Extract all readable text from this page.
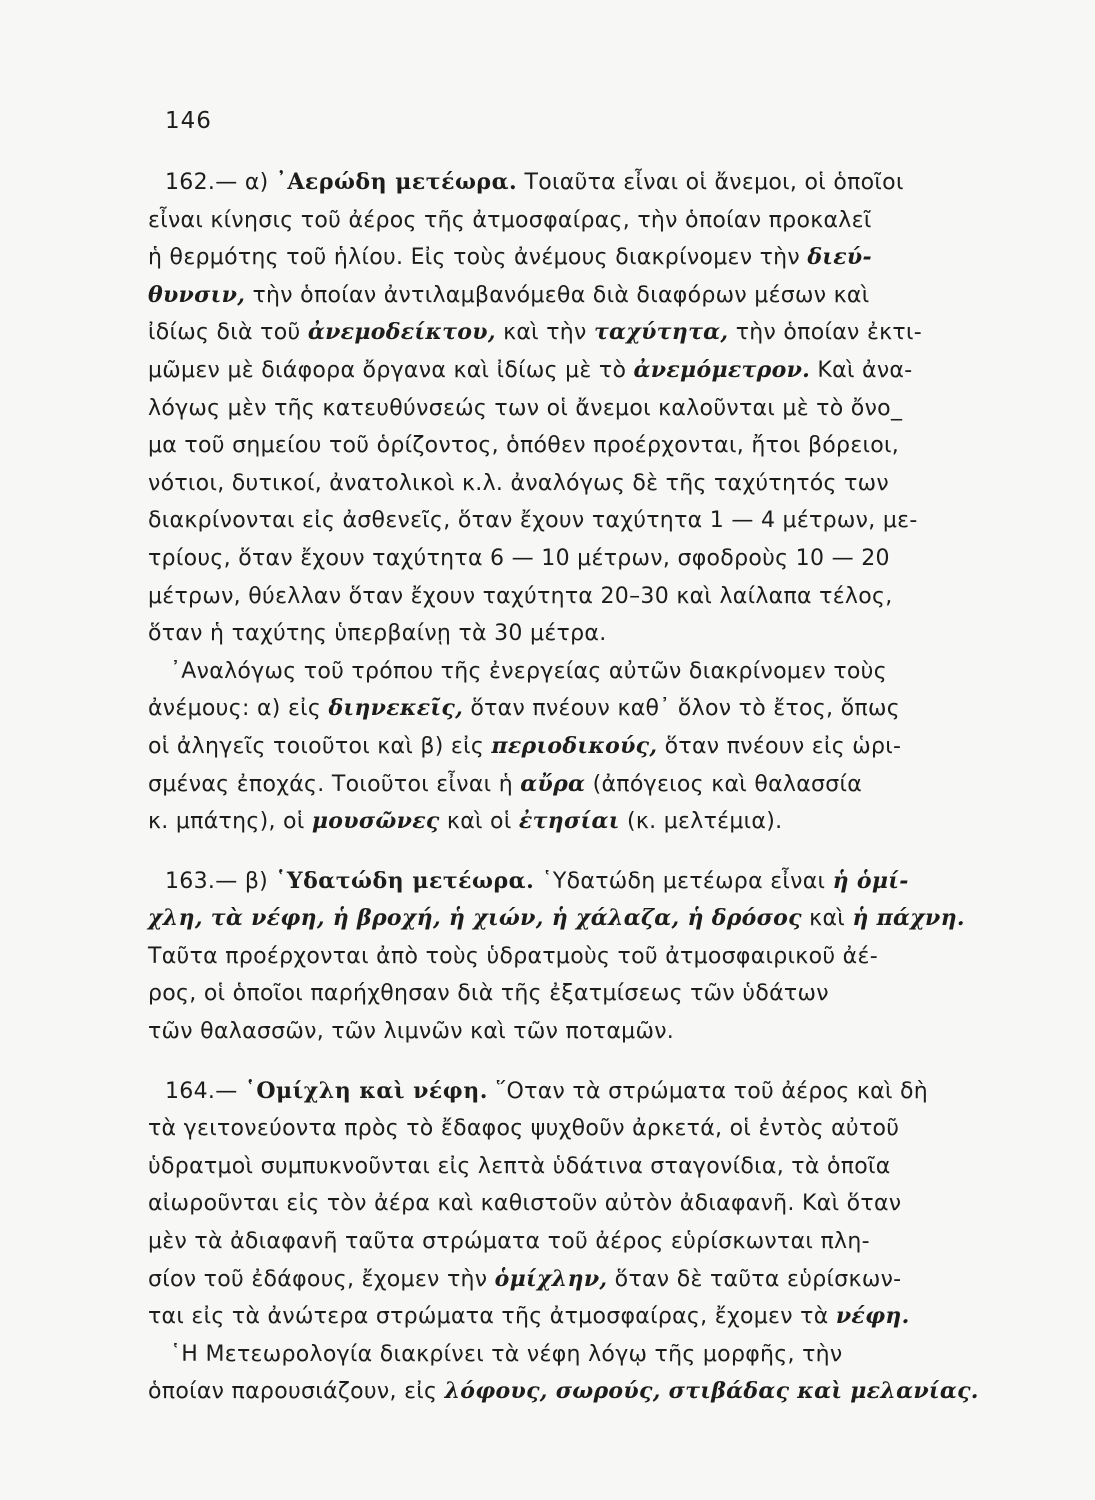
146
162.— α) ᾿Αερώδη μετέωρα. Τοιαῦτα εἶναι οἱ ἄνεμοι, οἱ ὁποῖοι
εἶναι κίνησις τοῦ ἀέρος τῆς ἀτμοσφαίρας, τὴν ὁποίαν προκαλεῖ
ἡ θερμότης τοῦ ἡλίου. Εἰς τοὺς ἀνέμους διακρίνομεν τὴν διεύ-
θυνσιν, τὴν ὁποίαν ἀντιλαμβανόμεθα διὰ διαφόρων μέσων καὶ
ἰδίως διὰ τοῦ ἀνεμοδείκτου, καὶ τὴν ταχύτητα, τὴν ὁποίαν ἐκτι-
μῶμεν μὲ διάφορα ὄργανα καὶ ἰδίως μὲ τὸ ἀνεμόμετρον. Καὶ ἀνα-
λόγως μὲν τῆς κατευθύνσεώς των οἱ ἄνεμοι καλοῦνται μὲ τὸ ὄνο_
μα τοῦ σημείου τοῦ ὁρίζοντος, ὁπόθεν προέρχονται, ἤτοι βόρειοι,
νότιοι, δυτικοί, ἀνατολικοὶ κ.λ. ἀναλόγως δὲ τῆς ταχύτητός των
διακρίνονται εἰς ἀσθενεῖς, ὅταν ἔχουν ταχύτητα 1 — 4 μέτρων, με-
τρίους, ὅταν ἔχουν ταχύτητα 6 — 10 μέτρων, σφοδροὺς 10 — 20
μέτρων, θύελλαν ὅταν ἔχουν ταχύτητα 20–30 καὶ λαίλαπα τέλος,
ὅταν ἡ ταχύτης ὑπερβαίνῃ τὰ 30 μέτρα.
᾿Αναλόγως τοῦ τρόπου τῆς ἐνεργείας αὐτῶν διακρίνομεν τοὺς
ἀνέμους: α) εἰς διηνεκεῖς, ὅταν πνέουν καθ᾿ ὅλον τὸ ἔτος, ὅπως
οἱ ἀληγεῖς τοιοῦτοι καὶ β) εἰς περιοδικούς, ὅταν πνέουν εἰς ὡρι-
σμένας ἐποχάς. Τοιοῦτοι εἶναι ἡ αὔρα (ἀπόγειος καὶ θαλασσία
κ. μπάτης), οἱ μουσῶνες καὶ οἱ ἐτησίαι (κ. μελτέμια).
163.— β) ῾Υδατώδη μετέωρα. ῾Υδατώδη μετέωρα εἶναι ἡ ὁμί-
χλη, τὰ νέφη, ἡ βροχή, ἡ χιών, ἡ χάλαζα, ἡ δρόσος καὶ ἡ πάχνη.
Ταῦτα προέρχονται ἀπὸ τοὺς ὑδρατμοὺς τοῦ ἀτμοσφαιρικοῦ ἀέ-
ρος, οἱ ὁποῖοι παρήχθησαν διὰ τῆς ἐξατμίσεως τῶν ὑδάτων
τῶν θαλασσῶν, τῶν λιμνῶν καὶ τῶν ποταμῶν.
164.— ῾Ομίχλη καὶ νέφη. ῞Οταν τὰ στρώματα τοῦ ἀέρος καὶ δὴ
τὰ γειτονεύοντα πρὸς τὸ ἔδαφος ψυχθοῦν ἀρκετά, οἱ ἐντὸς αὐτοῦ
ὑδρατμοὶ συμπυκνοῦνται εἰς λεπτὰ ὑδάτινα σταγονίδια, τὰ ὁποῖα
αἰωροῦνται εἰς τὸν ἀέρα καὶ καθιστοῦν αὐτὸν ἀδιαφανῆ. Καὶ ὅταν
μὲν τὰ ἀδιαφανῆ ταῦτα στρώματα τοῦ ἀέρος εὑρίσκωνται πλη-
σίον τοῦ ἐδάφους, ἔχομεν τὴν ὁμίχλην, ὅταν δὲ ταῦτα εὑρίσκων-
ται εἰς τὰ ἀνώτερα στρώματα τῆς ἀτμοσφαίρας, ἔχομεν τὰ νέφη.
῾Η Μετεωρολογία διακρίνει τὰ νέφη λόγῳ τῆς μορφῆς, τὴν
ὁποίαν παρουσιάζουν, εἰς λόφους, σωρούς, στιβάδας καὶ μελανίας.
